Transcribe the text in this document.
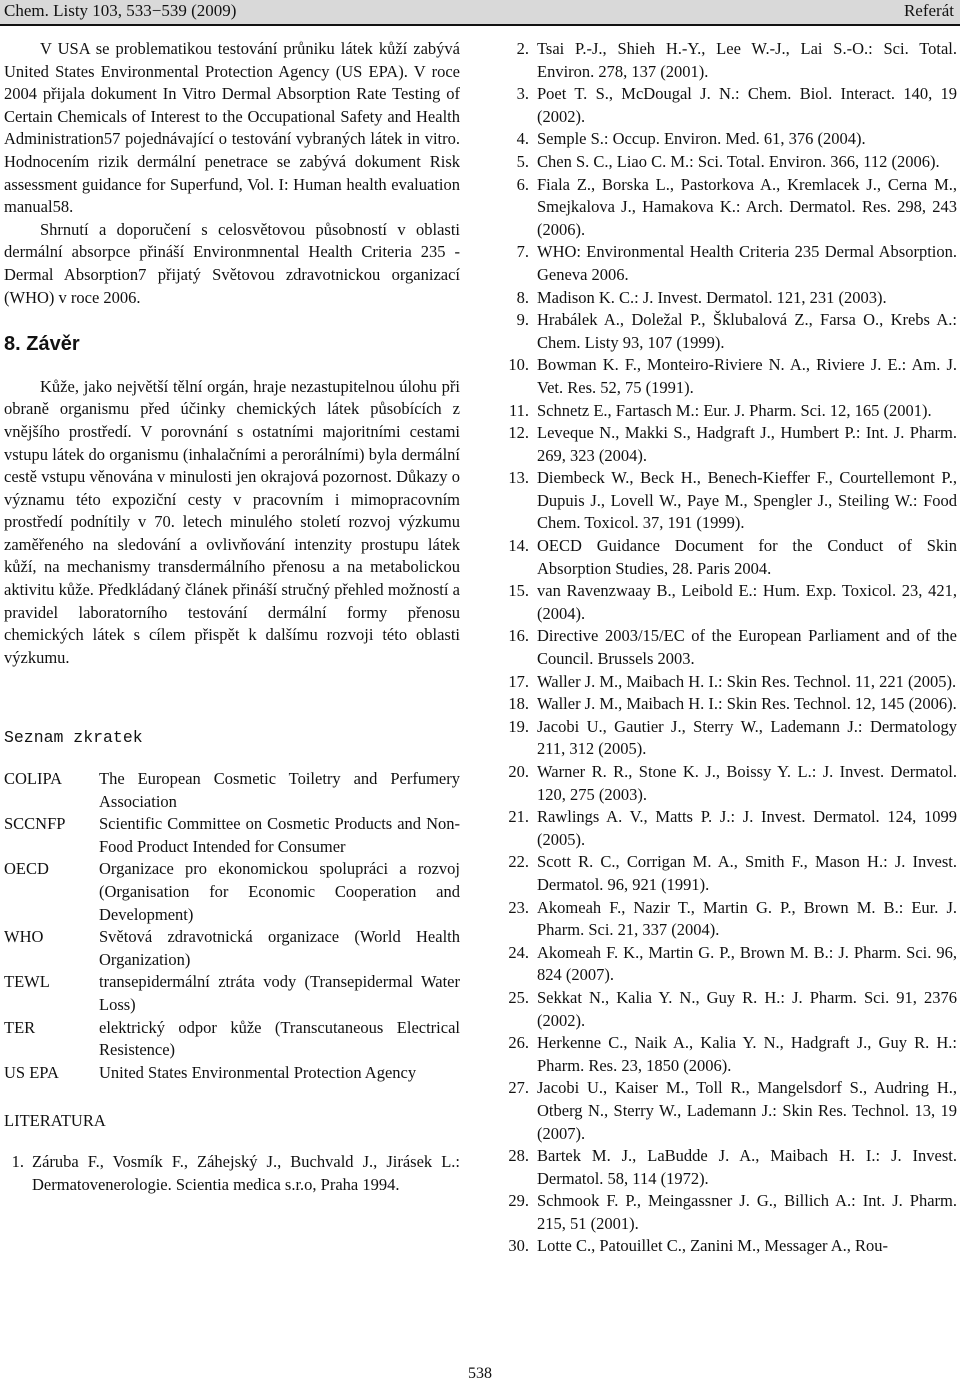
Chem. Listy 103, 533−539 (2009)	Referát

V USA se problematikou testování průniku látek kůží zabývá United States Environmental Protection Agency (US EPA). V roce 2004 přijala dokument In Vitro Dermal Absorption Rate Testing of Certain Chemicals of Interest to the Occupational Safety and Health Administration57 pojednávající o testování vybraných látek in vitro. Hodnocením rizik dermální penetrace se zabývá dokument Risk assessment guidance for Superfund, Vol. I: Human health evaluation manual58.

Shrnutí a doporučení s celosvětovou působností v oblasti dermální absorpce přináší Environmnental Health Criteria 235 - Dermal Absorption7 přijatý Světovou zdravotnickou organizací (WHO) v roce 2006.

8. Závěr

Kůže, jako největší tělní orgán, hraje nezastupitelnou úlohu při obraně organismu před účinky chemických látek působících z vnějšího prostředí. V porovnání s ostatními majoritními cestami vstupu látek do organismu (inhalačními a perorálními) byla dermální cestě vstupu věnována v minulosti jen okrajová pozornost. Důkazy o významu této expoziční cesty v pracovním i mimopracovním prostředí podnítily v 70. letech minulého století rozvoj výzkumu zaměřeného na sledování a ovlivňování intenzity prostupu látek kůží, na mechanismy transdermálního přenosu a na metabolickou aktivitu kůže. Předkládaný článek přináší stručný přehled možností a pravidel laboratorního testování dermální formy přenosu chemických látek s cílem přispět k dalšímu rozvoji této oblasti výzkumu.

Seznam zkratek
COLIPA	The European Cosmetic Toiletry and Perfumery Association
SCCNFP	Scientific Committee on Cosmetic Products and Non-Food Product Intended for Consumer
OECD	Organizace pro ekonomickou spolupráci a rozvoj (Organisation for Economic Cooperation and Development)
WHO	Světová zdravotnická organizace (World Health Organization)
TEWL	transepidermální ztráta vody (Transepidermal Water Loss)
TER	elektrický odpor kůže (Transcutaneous Electrical Resistence)
US EPA	United States Environmental Protection Agency
LITERATURA
1. Záruba F., Vosmík F., Záhejský J., Buchvald J., Jirásek L.: Dermatovenerologie. Scientia medica s.r.o, Praha 1994.
2. Tsai P.-J., Shieh H.-Y., Lee W.-J., Lai S.-O.: Sci. Total. Environ. 278, 137 (2001).
3. Poet T. S., McDougal J. N.: Chem. Biol. Interact. 140, 19 (2002).
4. Semple S.: Occup. Environ. Med. 61, 376 (2004).
5. Chen S. C., Liao C. M.: Sci. Total. Environ. 366, 112 (2006).
6. Fiala Z., Borska L., Pastorkova A., Kremlacek J., Cerna M., Smejkalova J., Hamakova K.: Arch. Dermatol. Res. 298, 243 (2006).
7. WHO: Environmental Health Criteria 235 Dermal Absorption. Geneva 2006.
8. Madison K. C.: J. Invest. Dermatol. 121, 231 (2003).
9. Hrabálek A., Doležal P., Šklubalová Z., Farsa O., Krebs A.: Chem. Listy 93, 107 (1999).
10. Bowman K. F., Monteiro-Riviere N. A., Riviere J. E.: Am. J. Vet. Res. 52, 75 (1991).
11. Schnetz E., Fartasch M.: Eur. J. Pharm. Sci. 12, 165 (2001).
12. Leveque N., Makki S., Hadgraft J., Humbert P.: Int. J. Pharm. 269, 323 (2004).
13. Diembeck W., Beck H., Benech-Kieffer F., Courtellemont P., Dupuis J., Lovell W., Paye M., Spengler J., Steiling W.: Food Chem. Toxicol. 37, 191 (1999).
14. OECD Guidance Document for the Conduct of Skin Absorption Studies, 28. Paris 2004.
15. van Ravenzwaay B., Leibold E.: Hum. Exp. Toxicol. 23, 421, (2004).
16. Directive 2003/15/EC of the European Parliament and of the Council. Brussels 2003.
17. Waller J. M., Maibach H. I.: Skin Res. Technol. 11, 221 (2005).
18. Waller J. M., Maibach H. I.: Skin Res. Technol. 12, 145 (2006).
19. Jacobi U., Gautier J., Sterry W., Lademann J.: Dermatology 211, 312 (2005).
20. Warner R. R., Stone K. J., Boissy Y. L.: J. Invest. Dermatol. 120, 275 (2003).
21. Rawlings A. V., Matts P. J.: J. Invest. Dermatol. 124, 1099 (2005).
22. Scott R. C., Corrigan M. A., Smith F., Mason H.: J. Invest. Dermatol. 96, 921 (1991).
23. Akomeah F., Nazir T., Martin G. P., Brown M. B.: Eur. J. Pharm. Sci. 21, 337 (2004).
24. Akomeah F. K., Martin G. P., Brown M. B.: J. Pharm. Sci. 96, 824 (2007).
25. Sekkat N., Kalia Y. N., Guy R. H.: J. Pharm. Sci. 91, 2376 (2002).
26. Herkenne C., Naik A., Kalia Y. N., Hadgraft J., Guy R. H.: Pharm. Res. 23, 1850 (2006).
27. Jacobi U., Kaiser M., Toll R., Mangelsdorf S., Audring H., Otberg N., Sterry W., Lademann J.: Skin Res. Technol. 13, 19 (2007).
28. Bartek M. J., LaBudde J. A., Maibach H. I.: J. Invest. Dermatol. 58, 114 (1972).
29. Schmook F. P., Meingassner J. G., Billich A.: Int. J. Pharm. 215, 51 (2001).
30. Lotte C., Patouillet C., Zanini M., Messager A., Rou-
538
